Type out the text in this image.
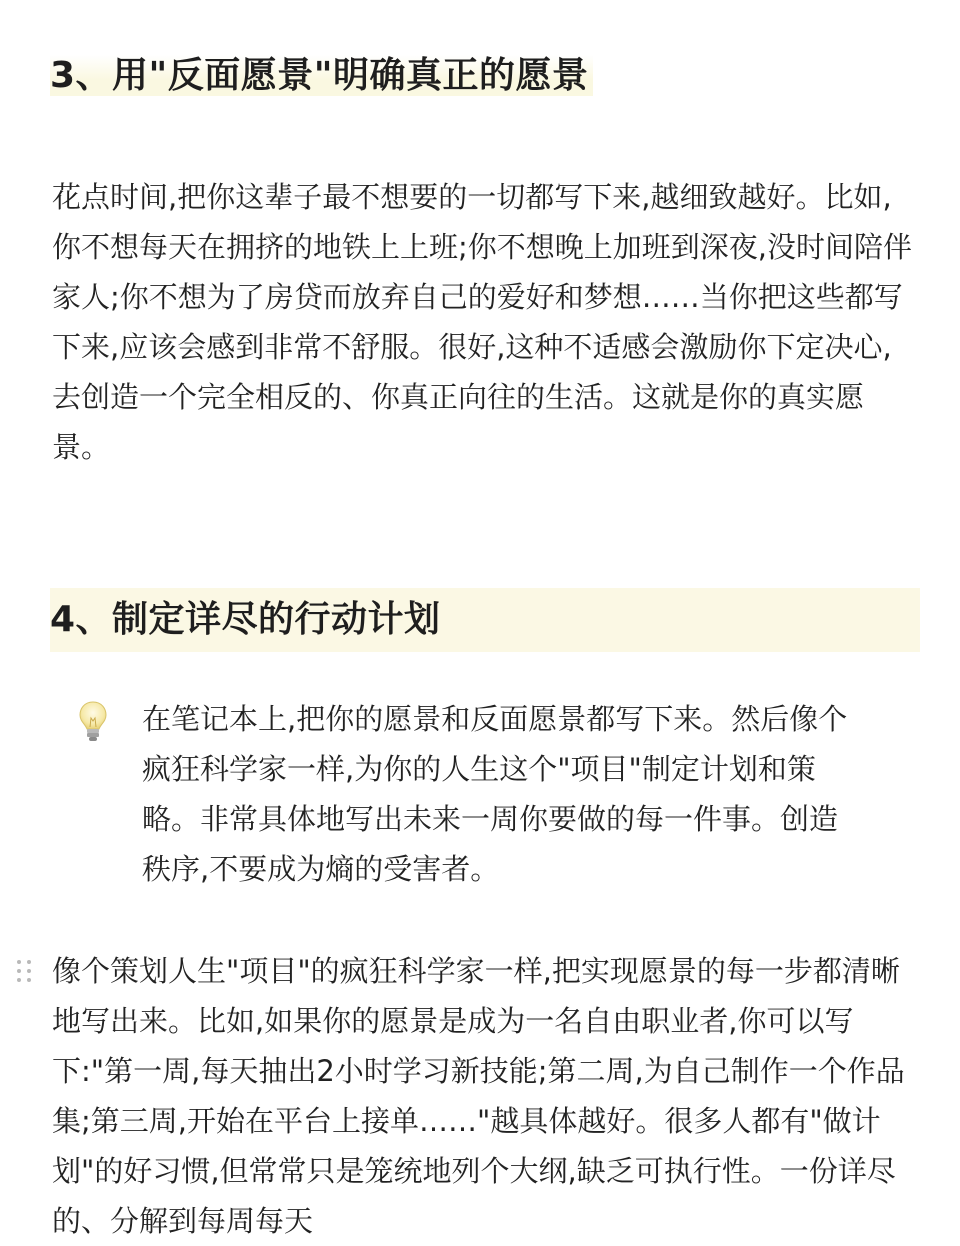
3、用"反面愿景"明确真正的愿景

花点时间,把你这辈子最不想要的一切都写下来,越细致越好。比如,你不想每天在拥挤的地铁上上班;你不想晚上加班到深夜,没时间陪伴家人;你不想为了房贷而放弃自己的爱好和梦想……当你把这些都写下来,应该会感到非常不舒服。很好,这种不适感会激励你下定决心,去创造一个完全相反的、你真正向往的生活。这就是你的真实愿景。

4、制定详尽的行动计划

在笔记本上,把你的愿景和反面愿景都写下来。然后像个疯狂科学家一样,为你的人生这个"项目"制定计划和策略。非常具体地写出未来一周你要做的每一件事。创造秩序,不要成为熵的受害者。

像个策划人生"项目"的疯狂科学家一样,把实现愿景的每一步都清晰地写出来。比如,如果你的愿景是成为一名自由职业者,你可以写下:"第一周,每天抽出2小时学习新技能;第二周,为自己制作一个作品集;第三周,开始在平台上接单……"越具体越好。很多人都有"做计划"的好习惯,但常常只是笼统地列个大纲,缺乏可执行性。一份详尽的、分解到每周每天
